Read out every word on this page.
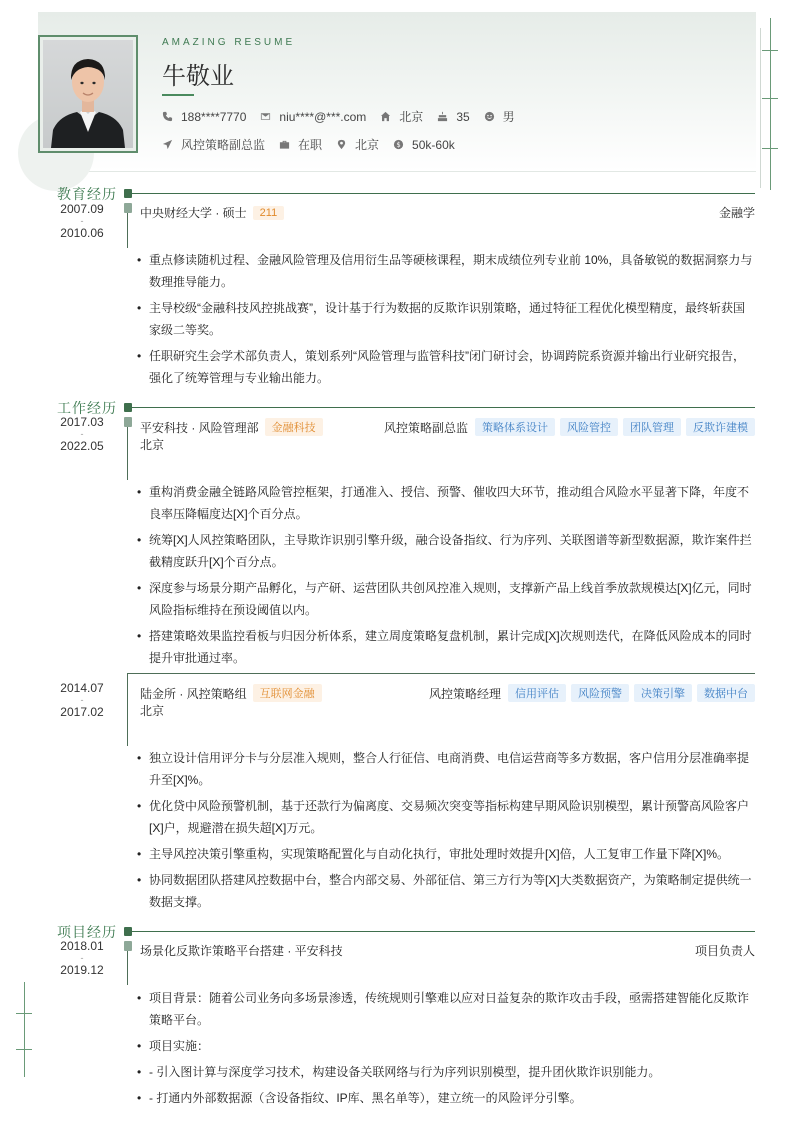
AMAZING RESUME
牛敬业
188****7770	niu****@***.com	北京	35	男
风控策略副总监	在职	北京 $ 50k-60k
教育经历
2007.09
-
2010.06
中央财经大学 · 硕士	211	金融学
• 重点修读随机过程、金融风险管理及信用衍生品等硬核课程，期末成绩位列专业前 10%，具备敏锐的数据洞察力与数理推导能力。
• 主导校级“金融科技风控挑战赛”，设计基于行为数据的反欺诈识别策略，通过特征工程优化模型精度，最终斩获国家级二等奖。
• 任职研究生会学术部负责人，策划系列“风险管理与监管科技”闭门研讨会，协调跨院系资源并输出行业研究报告，强化了统筹管理与专业输出能力。
工作经历
2017.03
-
2022.05
平安科技 · 风险管理部	金融科技	风控策略副总监	策略体系设计	风险管控	团队管理	反欺诈建模
北京
• 重构消费金融全链路风险管控框架，打通准入、授信、预警、催收四大环节，推动组合风险水平显著下降，年度不良率压降幅度达[X]个百分点。
• 统筹[X]人风控策略团队，主导欺诈识别引擎升级，融合设备指纹、行为序列、关联图谱等新型数据源，欺诈案件拦截精度跃升[X]个百分点。
• 深度参与场景分期产品孵化，与产研、运营团队共创风控准入规则，支撑新产品上线首季放款规模达[X]亿元，同时风险指标维持在预设阈值以内。
• 搭建策略效果监控看板与归因分析体系，建立周度策略复盘机制，累计完成[X]次规则迭代，在降低风险成本的同时提升审批通过率。
2014.07
-
2017.02
陆金所 · 风控策略组	互联网金融	风控策略经理	信用评估	风险预警	决策引擎	数据中台
北京
• 独立设计信用评分卡与分层准入规则，整合人行征信、电商消费、电信运营商等多方数据，客户信用分层准确率提升至[X]%。
• 优化贷中风险预警机制，基于还款行为偏离度、交易频次突变等指标构建早期风险识别模型，累计预警高风险客户[X]户，规避潜在损失超[X]万元。
• 主导风控决策引擎重构，实现策略配置化与自动化执行，审批处理时效提升[X]倍，人工复审工作量下降[X]%。
• 协同数据团队搭建风控数据中台，整合内部交易、外部征信、第三方行为等[X]大类数据资产，为策略制定提供统一数据支撑。
项目经历
2018.01
-
2019.12
场景化反欺诈策略平台搭建 · 平安科技	项目负责人
• 项目背景：随着公司业务向多场景渗透，传统规则引擎难以应对日益复杂的欺诈攻击手段，亟需搭建智能化反欺诈策略平台。
• 项目实施：
• - 引入图计算与深度学习技术，构建设备关联网络与行为序列识别模型，提升团伙欺诈识别能力。
• - 打通内外部数据源（含设备指纹、IP库、黑名单等），建立统一的风险评分引擎。
